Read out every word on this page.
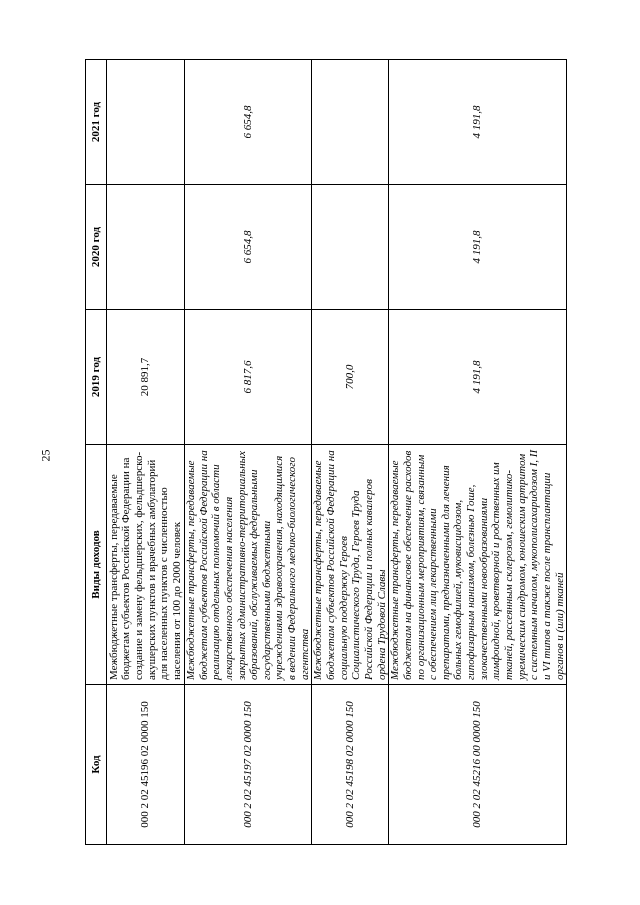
25
Код	Виды доходов	2019 год	2020 год	2021 год
000 2 02 45196 02 0000 150	Межбюджетные трансферты, передаваемые бюджетам субъектов Российской Федерации на создание и замену фельдшерских, фельдшерско-акушерских пунктов и врачебных амбулаторий для населенных пунктов с численностью населения от 100 до 2000 человек	20 891,7		
000 2 02 45197 02 0000 150	Межбюджетные трансферты, передаваемые бюджетам субъектов Российской Федерации на реализацию отдельных полномочий в области лекарственного обеспечения населения закрытых административно-территориальных образований, обслуживаемых федеральными государственными бюджетными учреждениями здравоохранения, находящимися в ведении Федерального медико-биологического агентства	6 817,6	6 654,8	6 654,8
000 2 02 45198 02 0000 150	Межбюджетные трансферты, передаваемые бюджетам субъектов Российской Федерации на социальную поддержку Героев Социалистического Труда, Героев Труда Российской Федерации и полных кавалеров ордена Трудовой Славы	700,0		
000 2 02 45216 00 0000 150	Межбюджетные трансферты, передаваемые бюджетам на финансовое обеспечение расходов по организационным мероприятиям, связанным с обеспечением лиц лекарственными препаратами, предназначенными для лечения больных гемофилией, муковисцидозом, гипофизарным нанизмом, болезнью Гоше, злокачественными новообразованиями лимфоидной, кроветворной и родственных им тканей, рассеянным склерозом, гемолитико-уремическим синдромом, юношеским артритом с системным началом, мукополисахаридозом I, II и VI типов а также после трансплантации органов и (или) тканей	4 191,8	4 191,8	4 191,8
